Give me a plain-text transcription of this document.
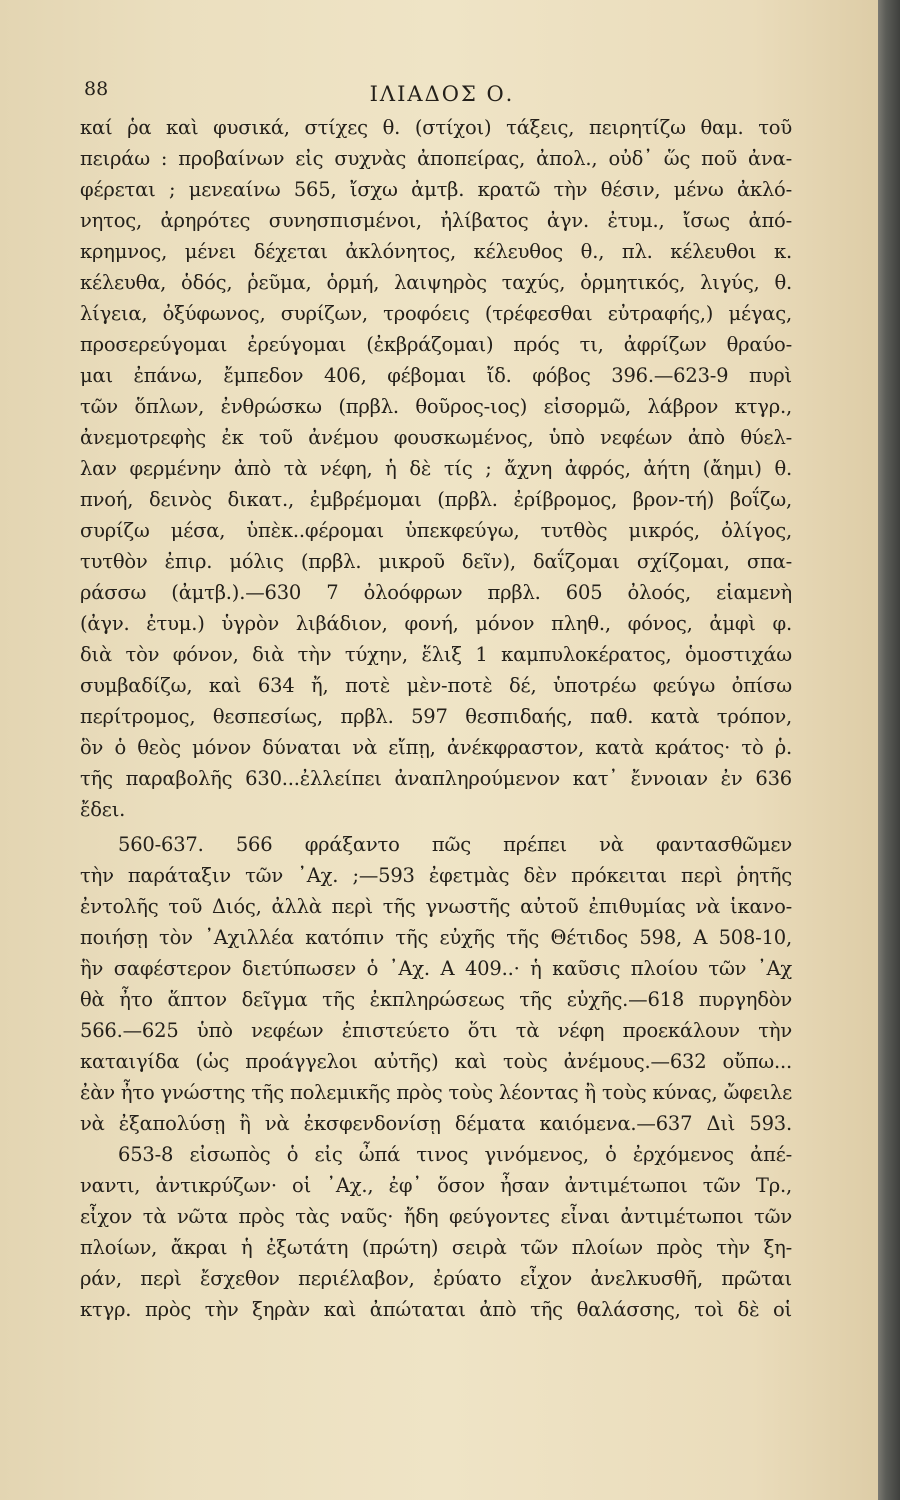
88	ΙΛΙΑΔΟΣ Ο.
καί ῥα καὶ φυσικά, στίχες θ. (στίχοι) τάξεις, πειρητίζω θαμ. τοῦ
πειράω : προβαίνων εἰς συχνὰς ἀποπείρας, ἀπολ., οὐδ᾽ ὥς ποῦ ἀνα-
φέρεται ; μενεαίνω 565, ἴσχω ἀμτβ. κρατῶ τὴν θέσιν, μένω ἀκλό-
νητος, ἀρηρότες συνησπισμένοι, ἠλίβατος ἀγν. ἐτυμ., ἴσως ἀπό-
κρημνος, μένει δέχεται ἀκλόνητος, κέλευθος θ., πλ. κέλευθοι κ.
κέλευθα, ὁδός, ῥεῦμα, ὁρμή, λαιψηρὸς ταχύς, ὁρμητικός, λιγύς, θ.
λίγεια, ὀξύφωνος, συρίζων, τροφόεις (τρέφεσθαι εὐτραφής,) μέγας,
προσερεύγομαι ἐρεύγομαι (ἐκβράζομαι) πρός τι, ἀφρίζων θραύο-
μαι ἐπάνω, ἔμπεδον 406, φέβομαι ἴδ. φόβος 396.—623-9 πυρὶ
τῶν ὅπλων, ἐνθρώσκω (πρβλ. θοῦρος-ιος) εἰσορμῶ, λάβρον κτγρ.,
ἀνεμοτρεφὴς ἐκ τοῦ ἀνέμου φουσκωμένος, ὑπὸ νεφέων ἀπὸ θύελ-
λαν φερμένην ἀπὸ τὰ νέφη, ἡ δὲ τίς ; ἄχνη ἀφρός, ἀήτη (ἄημι) θ.
πνοή, δεινὸς δικατ., ἐμβρέμομαι (πρβλ. ἐρίβρομος, βρον-τή) βοΐζω,
συρίζω μέσα, ὑπὲκ..φέρομαι ὑπεκφεύγω, τυτθὸς μικρός, ὀλίγος,
τυτθὸν ἐπιρ. μόλις (πρβλ. μικροῦ δεῖν), δαΐζομαι σχίζομαι, σπα-
ράσσω (ἀμτβ.).—630 7 ὀλοόφρων πρβλ. 605 ὀλοός, εἱαμενὴ
(ἀγν. ἐτυμ.) ὑγρὸν λιβάδιον, φονή, μόνον πληθ., φόνος, ἀμφὶ φ.
διὰ τὸν φόνον, διὰ τὴν τύχην, ἕλιξ 1 καμπυλοκέρατος, ὁμοστιχάω
συμβαδίζω, καὶ 634 ἤ, ποτὲ μὲν-ποτὲ δέ, ὑποτρέω φεύγω ὀπίσω
περίτρομος, θεσπεσίως, πρβλ. 597 θεσπιδαής, παθ. κατὰ τρόπον,
ὃν ὁ θεὸς μόνον δύναται νὰ εἴπῃ, ἀνέκφραστον, κατὰ κράτος· τὸ ῥ.
τῆς παραβολῆς 630...ἐλλείπει ἀναπληρούμενον κατ᾽ ἔννοιαν ἐν 636
ἔδει.
560-637. 566 φράξαντο πῶς πρέπει νὰ φαντασθῶμεν
τὴν παράταξιν τῶν ᾿Αχ. ;—593 ἐφετμὰς δὲν πρόκειται περὶ ῥητῆς
ἐντολῆς τοῦ Διός, ἀλλὰ περὶ τῆς γνωστῆς αὐτοῦ ἐπιθυμίας νὰ ἱκανο-
ποιήσῃ τὸν ᾿Αχιλλέα κατόπιν τῆς εὐχῆς τῆς Θέτιδος 598, Α 508-10,
ἣν σαφέστερον διετύπωσεν ὁ ᾿Αχ. Α 409..· ἡ καῦσις πλοίου τῶν ᾿Αχ
θὰ ἦτο ἅπτον δεῖγμα τῆς ἐκπληρώσεως τῆς εὐχῆς.—618 πυργηδὸν
566.—625 ὑπὸ νεφέων ἐπιστεύετο ὅτι τὰ νέφη προεκάλουν τὴν
καταιγίδα (ὡς προάγγελοι αὐτῆς) καὶ τοὺς ἀνέμους.—632 οὔπω...
ἐὰν ἦτο γνώστης τῆς πολεμικῆς πρὸς τοὺς λέοντας ἢ τοὺς κύνας, ὤφειλε
νὰ ἐξαπολύσῃ ἢ νὰ ἐκσφενδονίσῃ δέματα καιόμενα.—637 Διὶ 593.
653-8 εἰσωπὸς ὁ εἰς ὦπά τινος γινόμενος, ὁ ἐρχόμενος ἀπέ-
ναντι, ἀντικρύζων· οἱ ᾿Αχ., ἐφ᾽ ὅσον ἦσαν ἀντιμέτωποι τῶν Τρ.,
εἶχον τὰ νῶτα πρὸς τὰς ναῦς· ἤδη φεύγοντες εἶναι ἀντιμέτωποι τῶν
πλοίων, ἄκραι ἡ ἐξωτάτη (πρώτη) σειρὰ τῶν πλοίων πρὸς τὴν ξη-
ράν, περὶ ἔσχεθον περιέλαβον, ἐρύατο εἶχον ἀνελκυσθῆ, πρῶται
κτγρ. πρὸς τὴν ξηρὰν καὶ ἀπώταται ἀπὸ τῆς θαλάσσης, τοὶ δὲ οἱ
